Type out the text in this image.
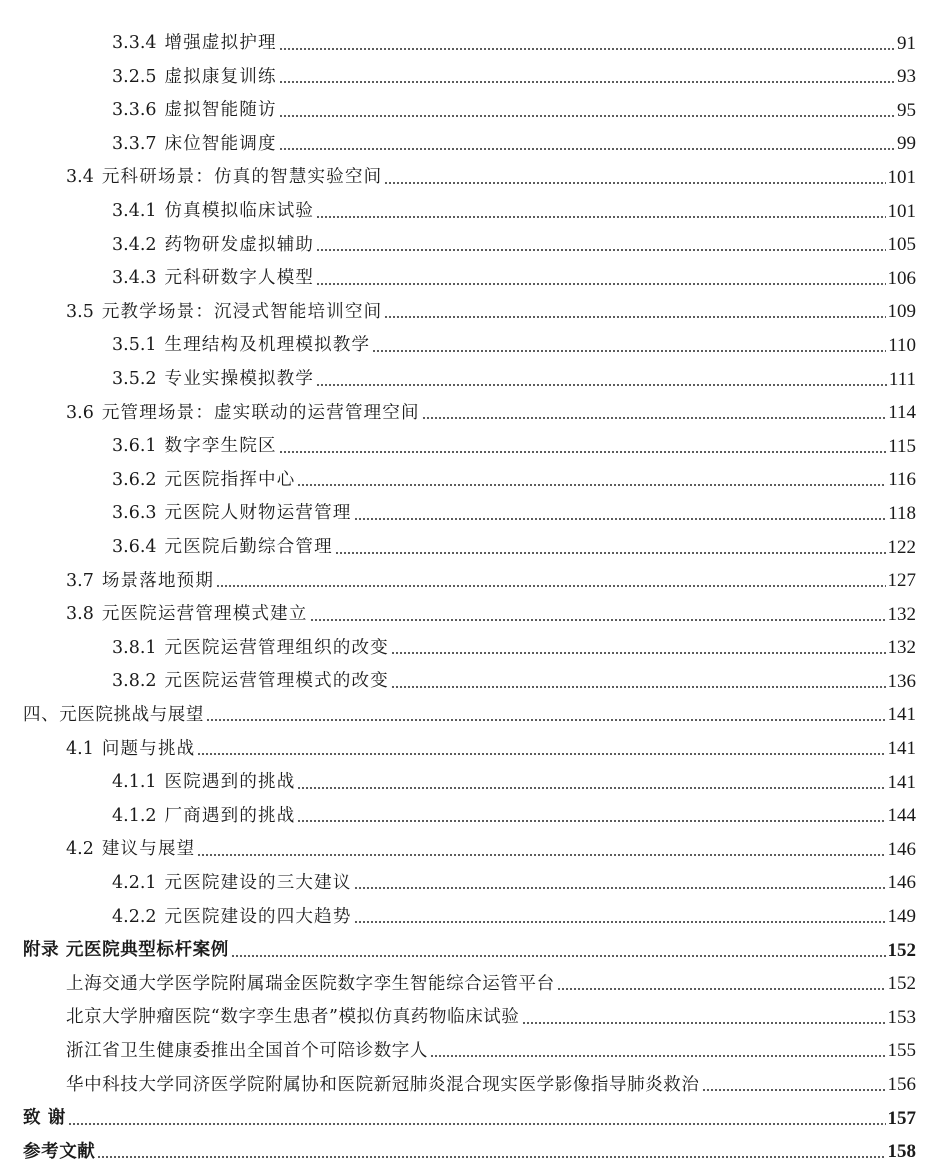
3.3.4 增强虚拟护理	91
3.2.5 虚拟康复训练	93
3.3.6 虚拟智能随访	95
3.3.7 床位智能调度	99
3.4 元科研场景：仿真的智慧实验空间	101
3.4.1 仿真模拟临床试验	101
3.4.2 药物研发虚拟辅助	105
3.4.3 元科研数字人模型	106
3.5 元教学场景：沉浸式智能培训空间	109
3.5.1 生理结构及机理模拟教学	110
3.5.2 专业实操模拟教学	111
3.6 元管理场景：虚实联动的运营管理空间	114
3.6.1 数字孪生院区	115
3.6.2 元医院指挥中心	116
3.6.3 元医院人财物运营管理	118
3.6.4 元医院后勤综合管理	122
3.7 场景落地预期	127
3.8 元医院运营管理模式建立	132
3.8.1 元医院运营管理组织的改变	132
3.8.2 元医院运营管理模式的改变	136
四、元医院挑战与展望	141
4.1 问题与挑战	141
4.1.1 医院遇到的挑战	141
4.1.2 厂商遇到的挑战	144
4.2 建议与展望	146
4.2.1 元医院建设的三大建议	146
4.2.2 元医院建设的四大趋势	149
附录 元医院典型标杆案例	152
上海交通大学医学院附属瑞金医院数字孪生智能综合运管平台	152
北京大学肿瘤医院“数字孪生患者”模拟仿真药物临床试验	153
浙江省卫生健康委推出全国首个可陪诊数字人	155
华中科技大学同济医学院附属协和医院新冠肺炎混合现实医学影像指导肺炎救治	156
致 谢	157
参考文献	158
